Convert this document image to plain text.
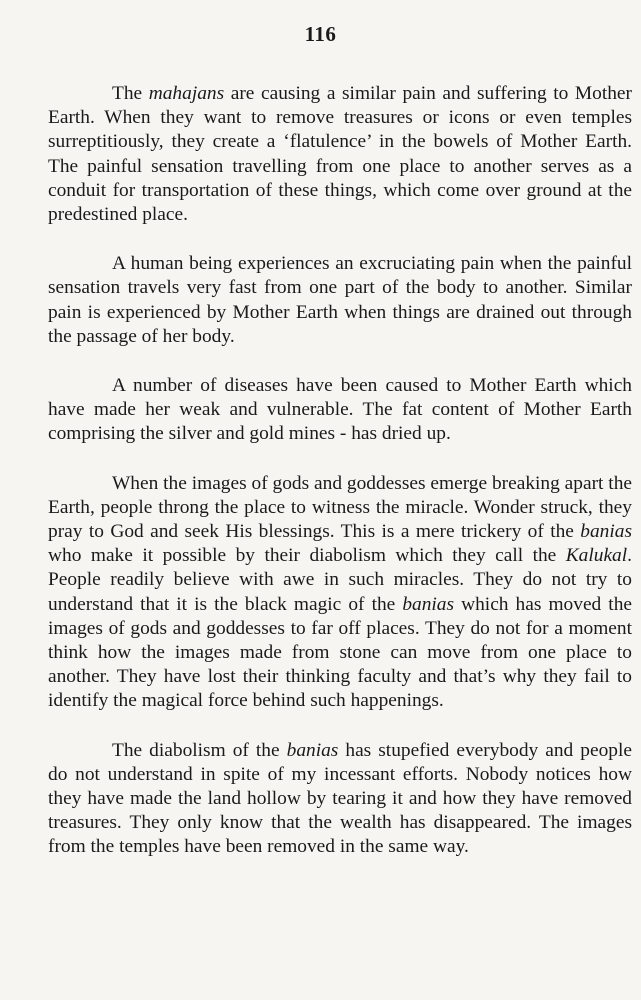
116

The mahajans are causing a similar pain and suffering to Mother Earth. When they want to remove treasures or icons or even temples surreptitiously, they create a ‘flatulence’ in the bowels of Mother Earth. The painful sensation travelling from one place to another serves as a conduit for transportation of these things, which come over ground at the predestined place.

A human being experiences an excruciating pain when the painful sensation travels very fast from one part of the body to another. Similar pain is experienced by Mother Earth when things are drained out through the passage of her body.

A number of diseases have been caused to Mother Earth which have made her weak and vulnerable. The fat content of Mother Earth comprising the silver and gold mines - has dried up.

When the images of gods and goddesses emerge breaking apart the Earth, people throng the place to witness the miracle. Wonder struck, they pray to God and seek His blessings. This is a mere trickery of the banias who make it possible by their diabolism which they call the Kalukal. People readily believe with awe in such miracles. They do not try to understand that it is the black magic of the banias which has moved the images of gods and goddesses to far off places. They do not for a moment think how the images made from stone can move from one place to another. They have lost their thinking faculty and that’s why they fail to identify the magical force behind such happenings.

The diabolism of the banias has stupefied everybody and people do not understand in spite of my incessant efforts. Nobody notices how they have made the land hollow by tearing it and how they have removed treasures. They only know that the wealth has disappeared. The images from the temples have been removed in the same way.
